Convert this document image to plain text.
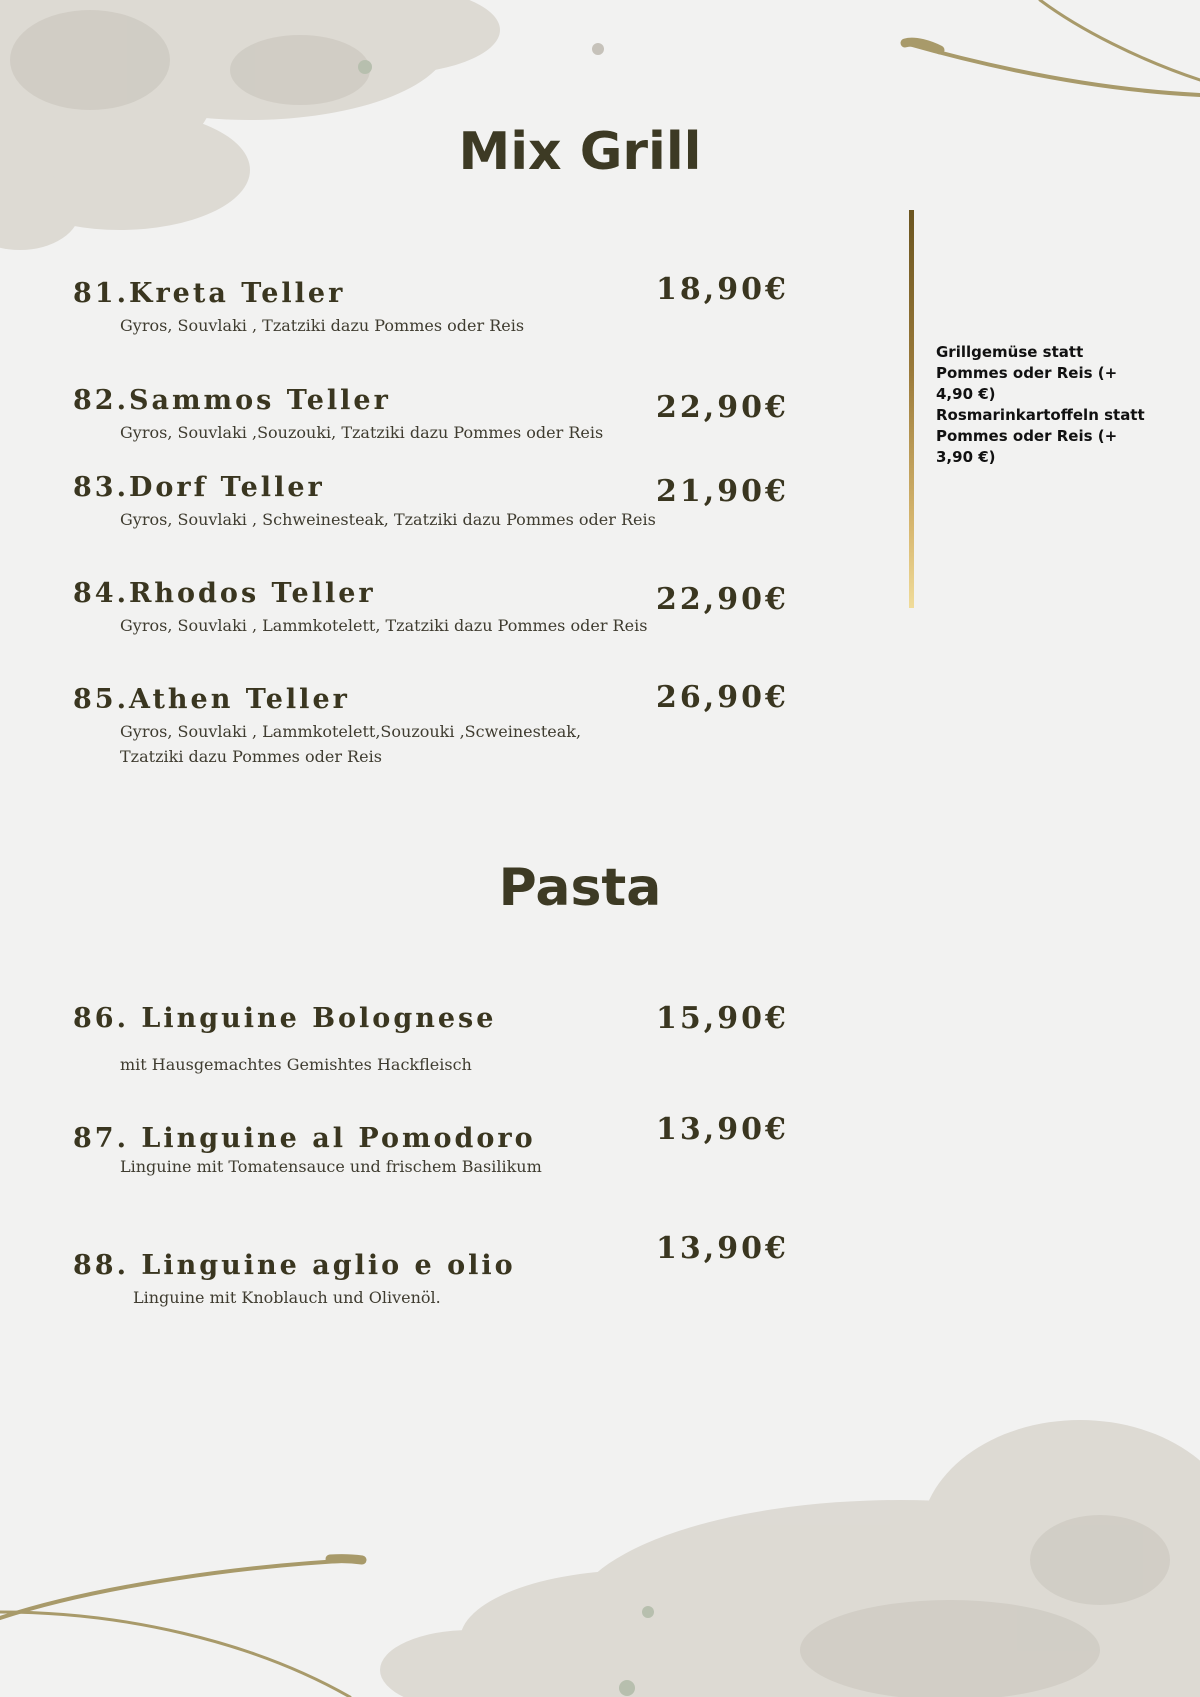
Mix Grill

81.Kreta Teller

Gyros, Souvlaki , Tzatziki dazu Pommes oder Reis

18,90€

82.Sammos Teller

Gyros, Souvlaki ,Souzouki, Tzatziki dazu Pommes oder Reis

22,90€

83.Dorf Teller

Gyros, Souvlaki , Schweinesteak, Tzatziki dazu Pommes oder Reis

21,90€

84.Rhodos Teller

Gyros, Souvlaki , Lammkotelett, Tzatziki dazu Pommes oder Reis

22,90€

85.Athen Teller

Gyros, Souvlaki , Lammkotelett,Souzouki ,Scweinesteak,
Tzatziki dazu Pommes oder Reis

26,90€

Grillgemüse statt Pommes oder Reis (+ 4,90 €)

Rosmarinkartoffeln statt Pommes oder Reis (+ 3,90 €)

Pasta

86. Linguine Bolognese

mit Hausgemachtes Gemishtes Hackfleisch

15,90€

87. Linguine al Pomodoro

Linguine mit Tomatensauce und frischem Basilikum

13,90€

88. Linguine aglio e olio

Linguine mit Knoblauch und Olivenöl.

13,90€
